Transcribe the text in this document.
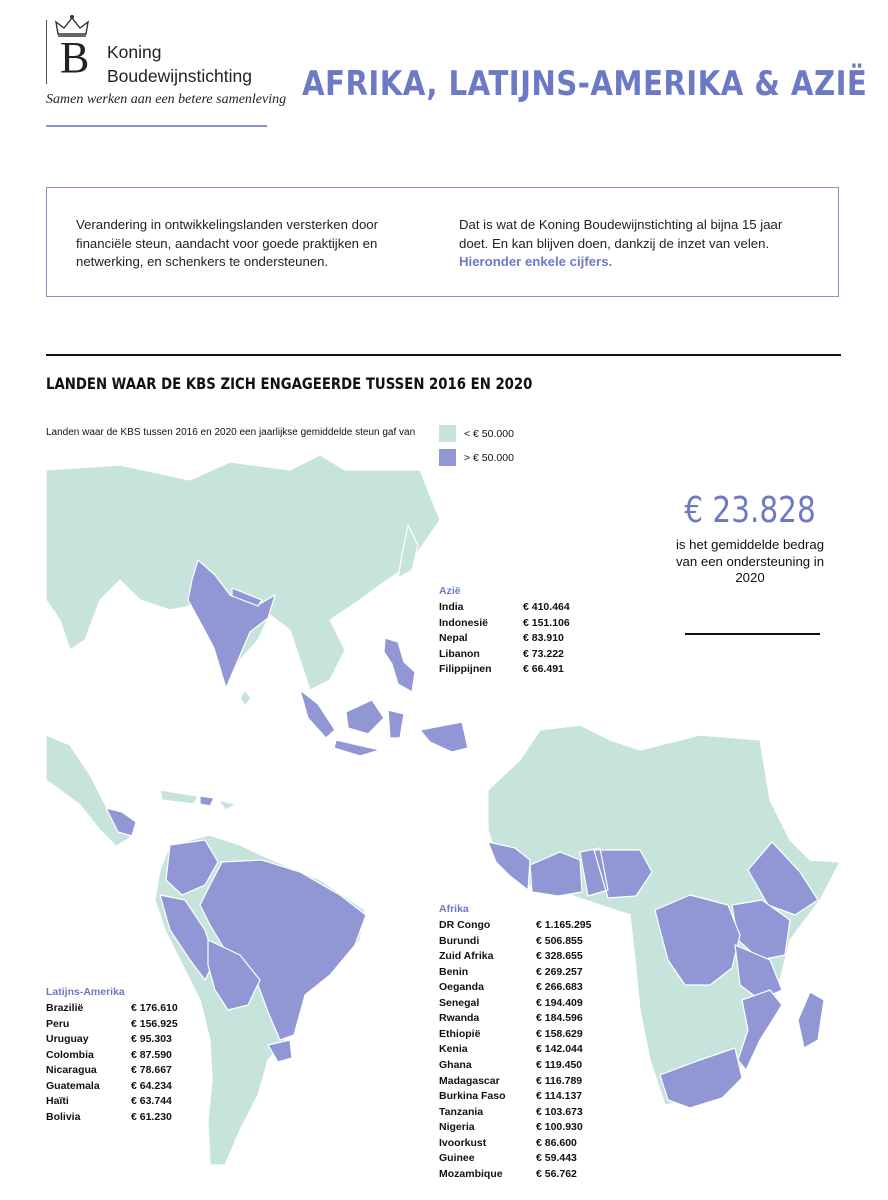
B Koning
Boudewijnstichting
Samen werken aan een betere samenleving AFRIKA, LATIJNS-AMERIKA & AZIË
Verandering in ontwikkelingslanden versterken door financiële steun, aandacht voor goede praktijken en netwerking, en schenkers te ondersteunen.
Dat is wat de Koning Boudewijnstichting al bijna 15 jaar doet. En kan blijven doen, dankzij de inzet van velen. Hieronder enkele cijfers.
LANDEN WAAR DE KBS ZICH ENGAGEERDE TUSSEN 2016 EN 2020
Landen waar de KBS tussen 2016 en 2020 een jaarlijkse gemiddelde steun gaf van	< € 50.000
> € 50.000
€ 23.828
is het gemiddelde bedrag van een ondersteuning in 2020
Azië
India	€ 410.464
Indonesië	€ 151.106
Nepal	€ 83.910
Libanon	€ 73.222
Filippijnen	€ 66.491
Afrika
DR Congo	€ 1.165.295
Burundi	€ 506.855
Zuid Afrika	€ 328.655
Benin	€ 269.257
Oeganda	€ 266.683
Senegal	€ 194.409
Rwanda	€ 184.596
Ethiopië	€ 158.629
Kenia	€ 142.044
Ghana	€ 119.450
Madagascar	€ 116.789
Burkina Faso	€ 114.137
Tanzania	€ 103.673
Nigeria	€ 100.930
Ivoorkust	€ 86.600
Guinee	€ 59.443
Mozambique	€ 56.762
Latijns-Amerika
Brazilië	€ 176.610
Peru	€ 156.925
Uruguay	€ 95.303
Colombia	€ 87.590
Nicaragua	€ 78.667
Guatemala	€ 64.234
Haïti	€ 63.744
Bolivia	€ 61.230
